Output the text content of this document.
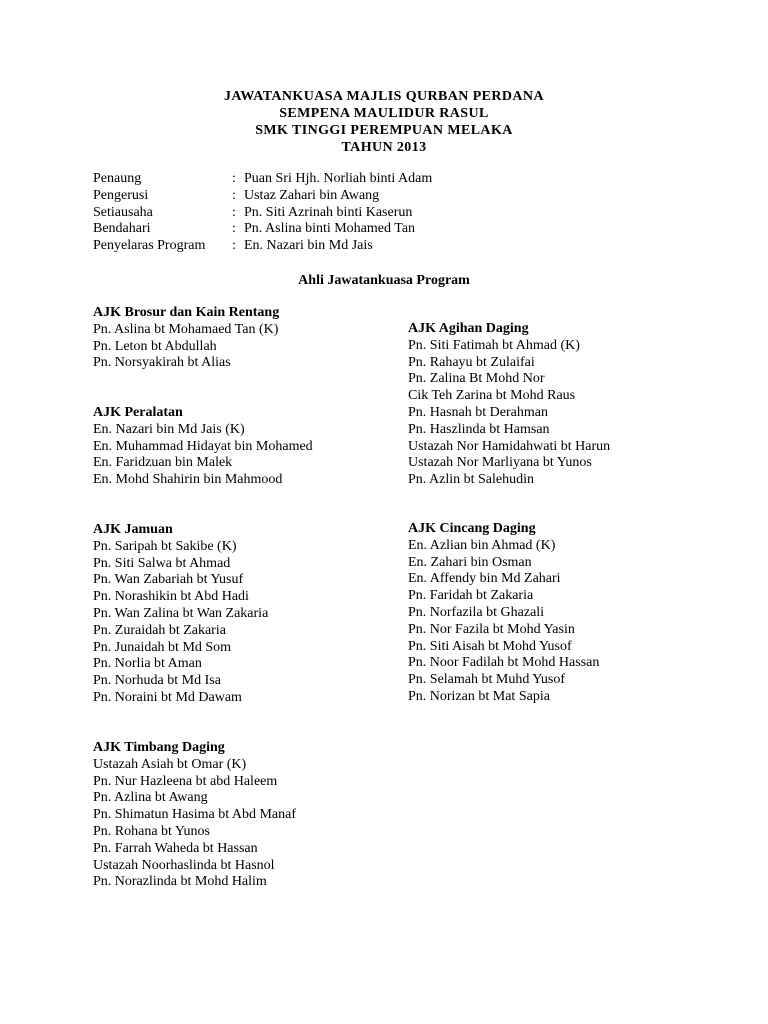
JAWATANKUASA MAJLIS QURBAN PERDANA
SEMPENA MAULIDUR RASUL
SMK TINGGI PEREMPUAN MELAKA
TAHUN 2013
Penaung	: Puan Sri Hjh. Norliah binti Adam
Pengerusi	: Ustaz Zahari bin Awang
Setiausaha	: Pn. Siti Azrinah binti Kaserun
Bendahari	: Pn. Aslina binti Mohamed Tan
Penyelaras Program	: En. Nazari bin Md Jais
Ahli Jawatankuasa Program
AJK Brosur dan Kain Rentang
Pn. Aslina bt Mohamaed Tan (K)
Pn. Leton bt Abdullah
Pn. Norsyakirah bt Alias
AJK Peralatan
En. Nazari bin Md Jais (K)
En. Muhammad Hidayat bin Mohamed
En. Faridzuan bin Malek
En. Mohd Shahirin bin Mahmood
AJK Jamuan
Pn. Saripah bt Sakibe (K)
Pn. Siti Salwa bt Ahmad
Pn. Wan Zabariah bt Yusuf
Pn. Norashikin bt Abd Hadi
Pn. Wan Zalina bt Wan Zakaria
Pn. Zuraidah bt Zakaria
Pn. Junaidah bt Md Som
Pn. Norlia bt Aman
Pn. Norhuda bt Md Isa
Pn. Noraini bt Md Dawam
AJK Timbang Daging
Ustazah Asiah bt Omar (K)
Pn. Nur Hazleena bt abd Haleem
Pn. Azlina bt Awang
Pn. Shimatun Hasima bt Abd Manaf
Pn. Rohana bt Yunos
Pn. Farrah Waheda bt Hassan
Ustazah Noorhaslinda bt Hasnol
Pn. Norazlinda bt Mohd Halim
AJK Agihan Daging
Pn. Siti Fatimah bt Ahmad (K)
Pn. Rahayu bt Zulaifai
Pn. Zalina Bt Mohd Nor
Cik Teh Zarina bt Mohd Raus
Pn. Hasnah bt Derahman
Pn. Haszlinda bt Hamsan
Ustazah Nor Hamidahwati bt Harun
Ustazah Nor Marliyana bt Yunos
Pn. Azlin bt Salehudin
AJK Cincang Daging
En. Azlian bin Ahmad (K)
En. Zahari bin Osman
En. Affendy bin Md Zahari
Pn. Faridah bt Zakaria
Pn. Norfazila bt Ghazali
Pn. Nor Fazila bt Mohd Yasin
Pn. Siti Aisah bt Mohd Yusof
Pn. Noor Fadilah bt Mohd Hassan
Pn. Selamah bt Muhd Yusof
Pn. Norizan bt Mat Sapia
